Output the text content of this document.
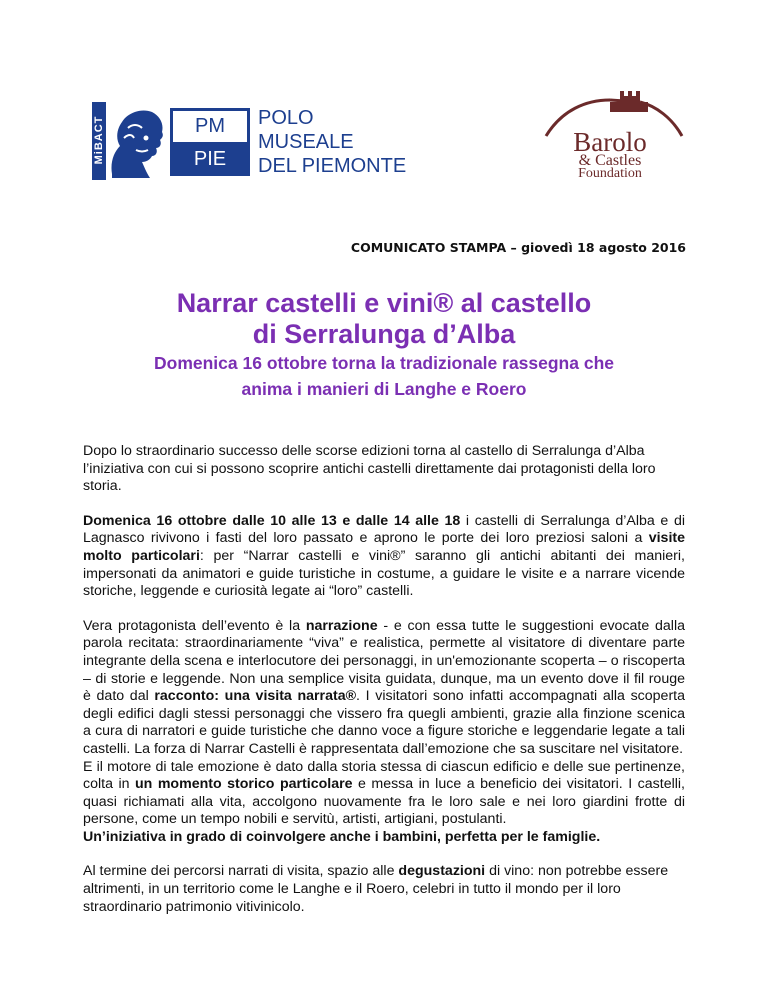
MiBACT	PM
PIE
POLO
MUSEALE
DEL PIEMONTE
Barolo
& Castles
Foundation
COMUNICATO STAMPA – giovedì 18 agosto 2016
Narrar castelli e vini® al castello
di Serralunga d’Alba
Domenica 16 ottobre torna la tradizionale rassegna che
anima i manieri di Langhe e Roero

Dopo lo straordinario successo delle scorse edizioni torna al castello di Serralunga d’Alba l’iniziativa con cui si possono scoprire antichi castelli direttamente dai protagonisti della loro storia.

Domenica 16 ottobre dalle 10 alle 13 e dalle 14 alle 18 i castelli di Serralunga d’Alba e di Lagnasco rivivono i fasti del loro passato e aprono le porte dei loro preziosi saloni a visite molto particolari: per “Narrar castelli e vini®” saranno gli antichi abitanti dei manieri, impersonati da animatori e guide turistiche in costume, a guidare le visite e a narrare vicende storiche, leggende e curiosità legate ai “loro” castelli.

Vera protagonista dell’evento è la narrazione - e con essa tutte le suggestioni evocate dalla parola recitata: straordinariamente “viva” e realistica, permette al visitatore di diventare parte integrante della scena e interlocutore dei personaggi, in un'emozionante scoperta – o riscoperta – di storie e leggende. Non una semplice visita guidata, dunque, ma un evento dove il fil rouge è dato dal racconto: una visita narrata®. I visitatori sono infatti accompagnati alla scoperta degli edifici dagli stessi personaggi che vissero fra quegli ambienti, grazie alla finzione scenica a cura di narratori e guide turistiche che danno voce a figure storiche e leggendarie legate a tali castelli. La forza di Narrar Castelli è rappresentata dall’emozione che sa suscitare nel visitatore.

E il motore di tale emozione è dato dalla storia stessa di ciascun edificio e delle sue pertinenze, colta in un momento storico particolare e messa in luce a beneficio dei visitatori. I castelli, quasi richiamati alla vita, accolgono nuovamente fra le loro sale e nei loro giardini frotte di persone, come un tempo nobili e servitù, artisti, artigiani, postulanti.

Un’iniziativa in grado di coinvolgere anche i bambini, perfetta per le famiglie.

Al termine dei percorsi narrati di visita, spazio alle degustazioni di vino: non potrebbe essere altrimenti, in un territorio come le Langhe e il Roero, celebri in tutto il mondo per il loro straordinario patrimonio vitivinicolo.
